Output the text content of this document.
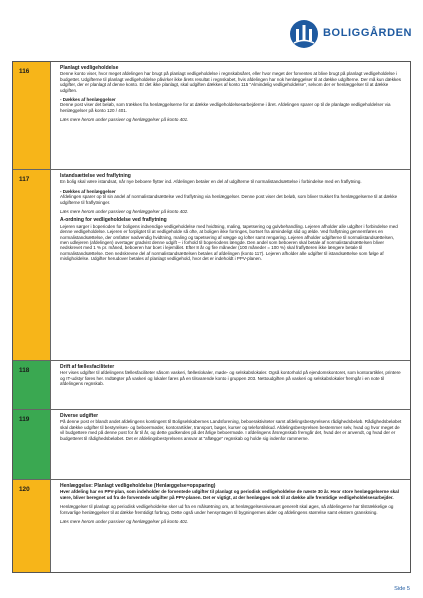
BOLIGGÅRDEN
116	Planlagt vedligeholdelse

Denne konto viser, hvor meget afdelingen har brugt på planlagt vedligeholdelse i regnskabsåret, eller hvor meget der forventes at blive brugt på planlagt vedligeholdelse i budgettet. Udgifterne til planlagt vedligeholdelse påvirker ikke årets resultat i regnskabet, hvis afdelingen har nok henlæggelser til at dække udgifterne. Der må kun dækkes udgifter, der er planlagt af denne konto. Er det ikke planlagt, skal udgiften dækkes af konto 115 "Almindelig vedligeholdelse", selvom der er henlæggelser til at dække udgiften.

- Dækkes af henlæggelser

Denne post viser det beløb, som trækkes fra henlæggelserne for at dække vedligeholdelsesarbejderne i året. Afdelingen sparer op til de planlagte vedligeholdelser via henlæggelser på konto 120 / 401.

Læs mere herom under passiver og henlæggelser på konto 401.

117	Istandsættelse ved fraflytning

En bolig skal være istandsat, når nye beboere flytter ind. Afdelingen betaler en del af udgifterne til normalistandsættelse i forbindelse med en fraflytning.

- Dækkes af henlæggelser

Afdelingen sparer op til sin andel af normalistandsættelse ved fraflytning via henlæggelser. Denne post viser det beløb, som bliver trukket fra henlæggelserne til at dække udgifterne til fraflytninger.

Læs mere herom under passiver og henlæggelser på konto 402.

A-ordning for vedligeholdelse ved fraflytning

Lejeren sørger i boperioden for boligens indvendige vedligeholdelse med hvidtning, maling, tapetsering og gulvbehandling. Lejeren afholder alle udgifter i forbindelse med denne vedligeholdelse. Lejeren er forpligtet til at vedligeholde så ofte, at boligen ikke forringes, bortset fra almindeligt slid og ælde. Ved fraflytning gennemføres en normalistandsættelse, der omfatter nødvendig hvidtning, maling og tapetsering af vægge og lofter samt rengøring. Lejeren afholder udgifterne til normalistandsættelsen, men udlejeren (afdelingen) overtager gradvist denne udgift – i forhold til boperiodens længde. Den andel som beboeren skal betale af normalistandsættelsen bliver nedskrevet med 1 % pr. måned, beboeren har boet i lejemålet. Efter 8 år og fire måneder (100 måneder = 100 %) skal fraflytteren ikke længere betale til normalistandsættelse. Den nedskrevne del af normalistandsættelsen betales af afdelingen (konto 117). Lejeren afholder alle udgifter til istandsættelse som følge af misligholdelse. Udgifter herudover betales af planlagt vedligehold, hvor det er indeholdt i PPV-planen.

118	Drift af fællesfaciliteter

Her vises udgifter til afdelingens fællesfaciliteter såsom vaskeri, fælleslokaler, møde- og selskabslokaler. Også kontorhold på ejendomskontoret, som kontorartikler, printere og IT-udstyr føres her. Indtægter på vaskeri og lokaler føres på en tilsvarende konto i gruppen 203. Nettoudgiften på vaskeri og selskabslokaler fremgår i en note til afdelingens regnskab.

119	Diverse udgifter

På denne post er blandt andet afdelingens kontingent til Boligselskabernes Landsforening, beboeraktiviteter samt afdelingsbestyrelsens rådighedsbeløb. Rådighedsbeløbet skal dække udgifter til bestyrelses- og beboermøder, kontorartikler, transport, bøger, kurser og telefontilskud. Afdelingsbestyrelsen bestemmer selv, hvad og hvor meget de vil budgettere med på denne post for år til år, og dette godkendes på det årlige beboermøde. I afdelingens årsregnskab fremgår det, hvad der er anvendt, og hvad der er budgetteret til rådighedsbeløbet. Det er afdelingsbestyrelsens ansvar at "aflægge" regnskab og holde sig indenfor rammerne.

120	Henlæggelse: Planlagt vedligeholdelse (Henlæggelse=opsparing)

Hver afdeling har en PPV-plan, som indeholder de forventede udgifter til planlagt og periodisk vedligeholdelse de næste 30 år. Hvor store henlæggelserne skal være, bliver beregnet ud fra de forventede udgifter på PPV-planen. Det er vigtigt, at der henlægges nok til at dække alle fremtidige vedligeholdelsesarbejder.

Henlæggelser til planlagt og periodisk vedligeholdelse sker ud fra en målsætning om, at henlæggelsesniveauet generelt skal øges, så afdelingerne har tilstrækkelige og forsvarlige henlæggelser til at dække fremtidigt forbrug. Dette også under hensyntagen til bygningernes alder og afdelingens størrelse samt ekstern granskning.

Læs mere herom under passiver og henlæggelser på konto 401.

Side 5
